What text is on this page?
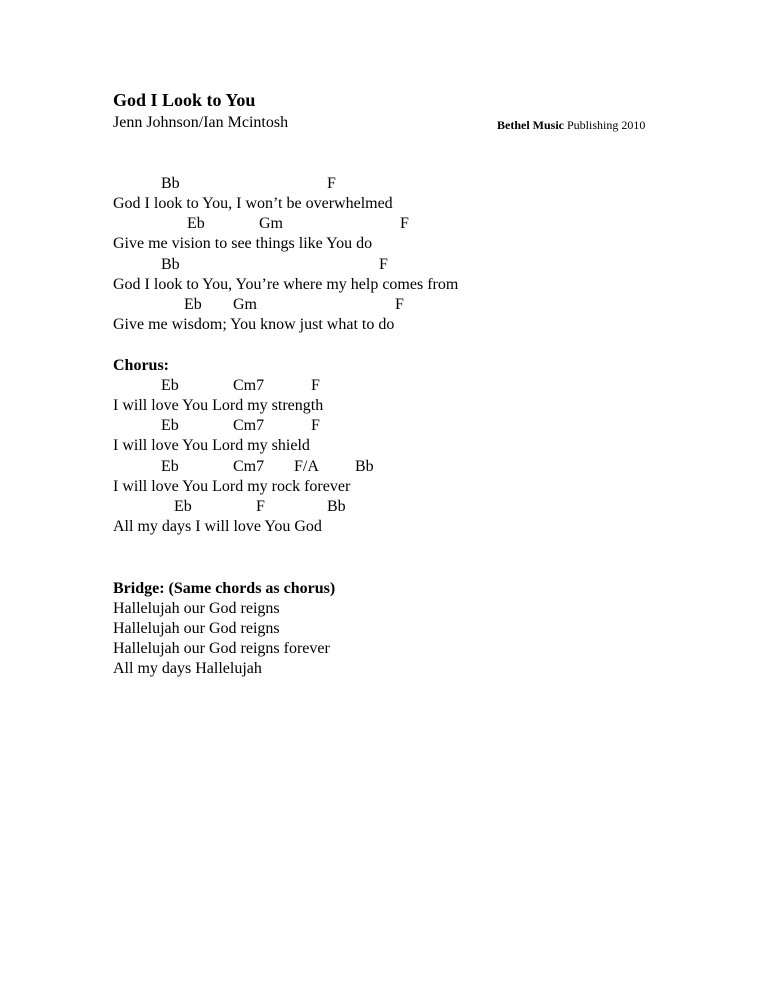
God I Look to You
Jenn Johnson/Ian Mcintosh	Bethel Music Publishing 2010
Bb	F
God I look to You, I won’t be overwhelmed
Eb	Gm	F
Give me vision to see things like You do
Bb	F
God I look to You, You’re where my help comes from
Eb Gm	F
Give me wisdom; You know just what to do
Chorus:
Eb	Cm7	F
I will love You Lord my strength
Eb	Cm7	F
I will love You Lord my shield
Eb	Cm7 F/A Bb
I will love You Lord my rock forever
Eb	F	Bb
All my days I will love You God
Bridge: (Same chords as chorus)
Hallelujah our God reigns
Hallelujah our God reigns
Hallelujah our God reigns forever
All my days Hallelujah
